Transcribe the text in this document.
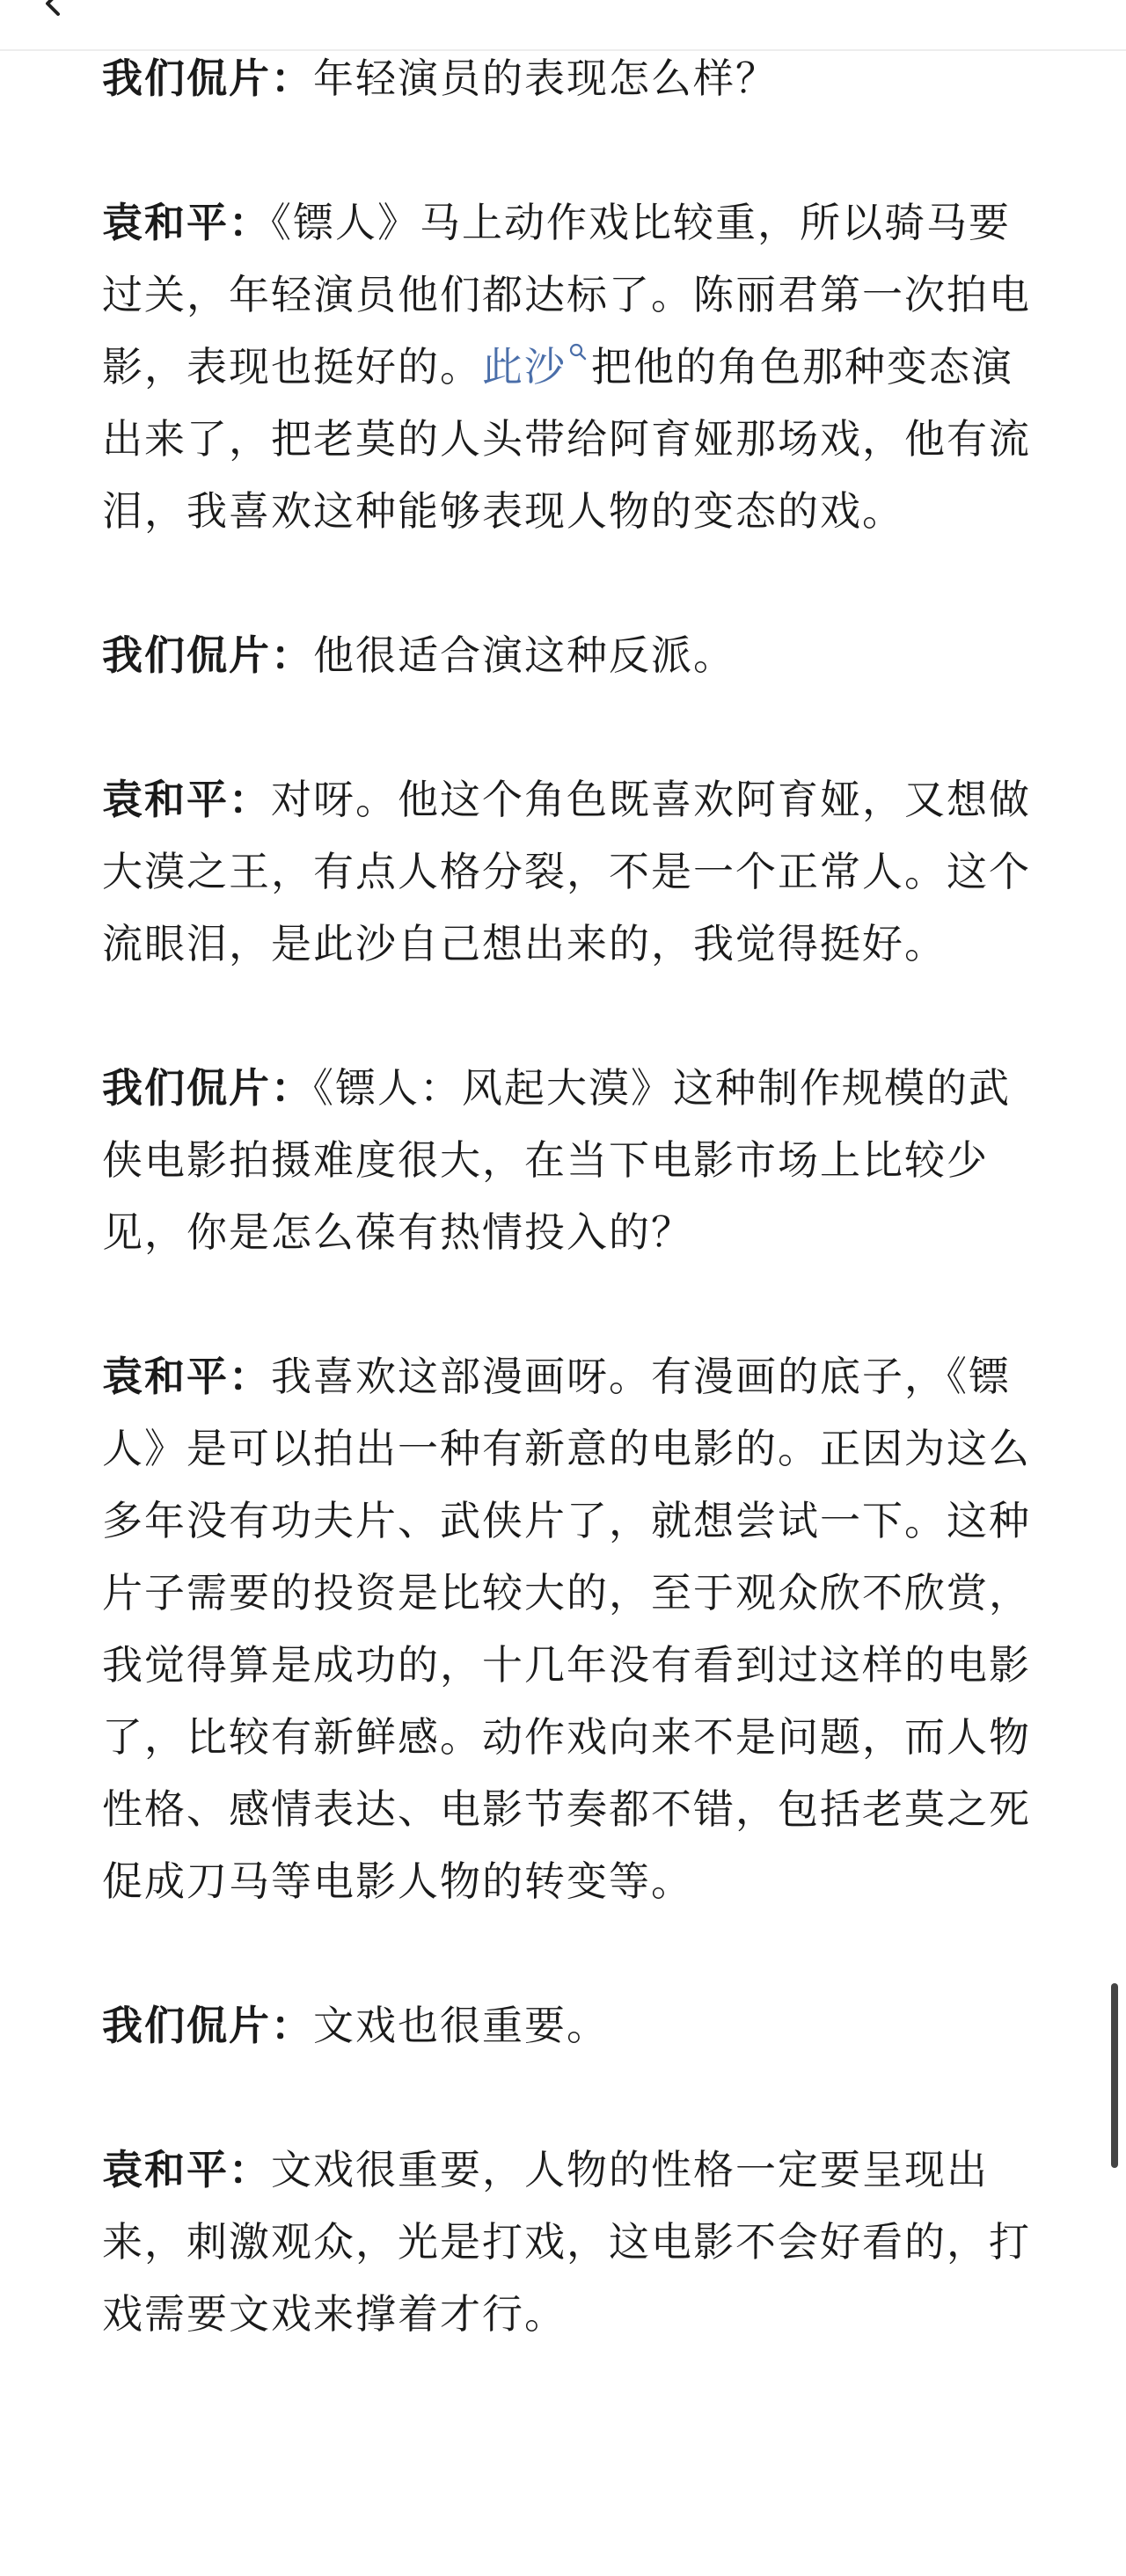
我们侃片：年轻演员的表现怎么样？

袁和平：《镖人》马上动作戏比较重，所以骑马要过关，年轻演员他们都达标了。陈丽君第一次拍电影，表现也挺好的。此沙 把他的角色那种变态演出来了，把老莫的人头带给阿育娅那场戏，他有流泪，我喜欢这种能够表现人物的变态的戏。

我们侃片：他很适合演这种反派。

袁和平：对呀。他这个角色既喜欢阿育娅，又想做大漠之王，有点人格分裂，不是一个正常人。这个流眼泪，是此沙自己想出来的，我觉得挺好。

我们侃片：《镖人：风起大漠》这种制作规模的武侠电影拍摄难度很大，在当下电影市场上比较少见，你是怎么葆有热情投入的？

袁和平：我喜欢这部漫画呀。有漫画的底子，《镖人》是可以拍出一种有新意的电影的。正因为这么多年没有功夫片、武侠片了，就想尝试一下。这种片子需要的投资是比较大的，至于观众欣不欣赏，我觉得算是成功的，十几年没有看到过这样的电影了，比较有新鲜感。动作戏向来不是问题，而人物性格、感情表达、电影节奏都不错，包括老莫之死促成刀马等电影人物的转变等。

我们侃片：文戏也很重要。

袁和平：文戏很重要，人物的性格一定要呈现出来，刺激观众，光是打戏，这电影不会好看的，打戏需要文戏来撑着才行。
